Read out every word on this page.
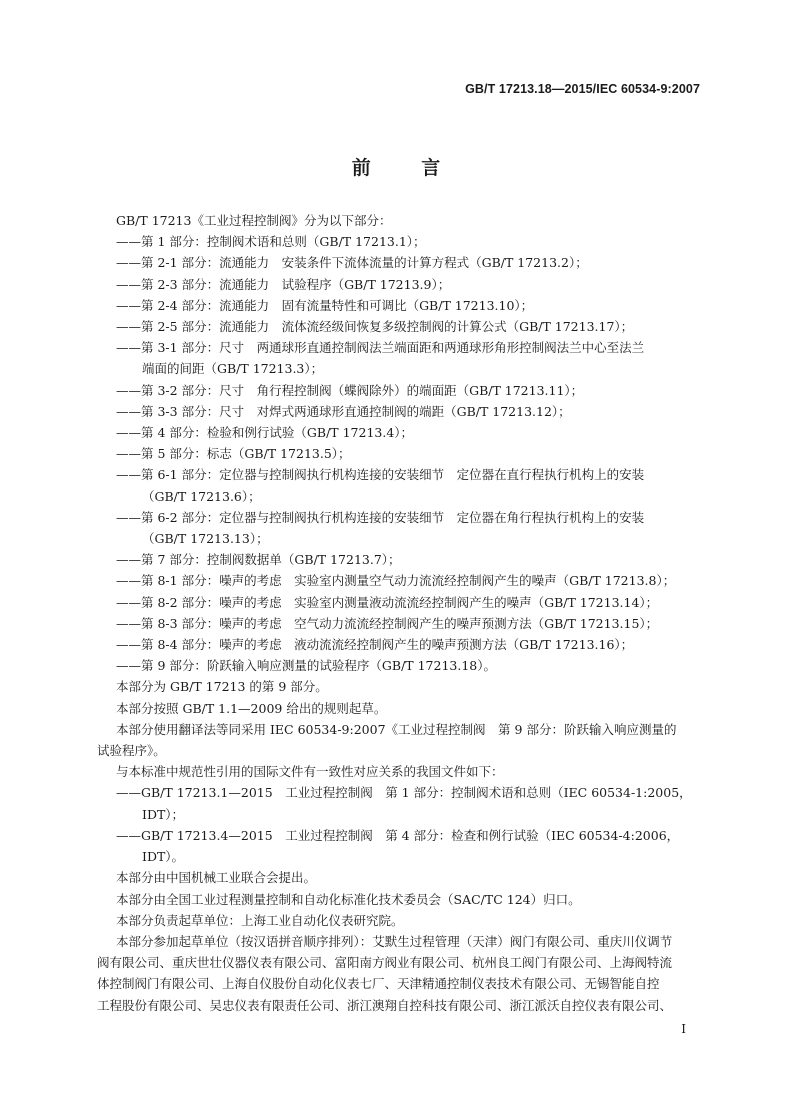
GB/T 17213.18—2015/IEC 60534-9:2007
前 言
GB/T 17213《工业过程控制阀》分为以下部分：
——第 1 部分：控制阀术语和总则（GB/T 17213.1）；
——第 2-1 部分：流通能力　安装条件下流体流量的计算方程式（GB/T 17213.2）；
——第 2-3 部分：流通能力　试验程序（GB/T 17213.9）；
——第 2-4 部分：流通能力　固有流量特性和可调比（GB/T 17213.10）；
——第 2-5 部分：流通能力　流体流经级间恢复多级控制阀的计算公式（GB/T 17213.17）；
——第 3-1 部分：尺寸　两通球形直通控制阀法兰端面距和两通球形角形控制阀法兰中心至法兰
端面的间距（GB/T 17213.3）；
——第 3-2 部分：尺寸　角行程控制阀（蝶阀除外）的端面距（GB/T 17213.11）；
——第 3-3 部分：尺寸　对焊式两通球形直通控制阀的端距（GB/T 17213.12）；
——第 4 部分：检验和例行试验（GB/T 17213.4）；
——第 5 部分：标志（GB/T 17213.5）；
——第 6-1 部分：定位器与控制阀执行机构连接的安装细节　定位器在直行程执行机构上的安装
（GB/T 17213.6）；
——第 6-2 部分：定位器与控制阀执行机构连接的安装细节　定位器在角行程执行机构上的安装
（GB/T 17213.13）；
——第 7 部分：控制阀数据单（GB/T 17213.7）；
——第 8-1 部分：噪声的考虑　实验室内测量空气动力流流经控制阀产生的噪声（GB/T 17213.8）；
——第 8-2 部分：噪声的考虑　实验室内测量液动流流经控制阀产生的噪声（GB/T 17213.14）；
——第 8-3 部分：噪声的考虑　空气动力流流经控制阀产生的噪声预测方法（GB/T 17213.15）；
——第 8-4 部分：噪声的考虑　液动流流经控制阀产生的噪声预测方法（GB/T 17213.16）；
——第 9 部分：阶跃输入响应测量的试验程序（GB/T 17213.18）。
本部分为 GB/T 17213 的第 9 部分。
本部分按照 GB/T 1.1—2009 给出的规则起草。
本部分使用翻译法等同采用 IEC 60534-9:2007《工业过程控制阀　第 9 部分：阶跃输入响应测量的
试验程序》。
与本标准中规范性引用的国际文件有一致性对应关系的我国文件如下：
——GB/T 17213.1—2015　工业过程控制阀　第 1 部分：控制阀术语和总则（IEC 60534-1:2005，
IDT）；
——GB/T 17213.4—2015　工业过程控制阀　第 4 部分：检查和例行试验（IEC 60534-4:2006，
IDT）。
本部分由中国机械工业联合会提出。
本部分由全国工业过程测量控制和自动化标准化技术委员会（SAC/TC 124）归口。
本部分负责起草单位：上海工业自动化仪表研究院。
本部分参加起草单位（按汉语拼音顺序排列）：艾默生过程管理（天津）阀门有限公司、重庆川仪调节
阀有限公司、重庆世壮仪器仪表有限公司、富阳南方阀业有限公司、杭州良工阀门有限公司、上海阀特流
体控制阀门有限公司、上海自仪股份自动化仪表七厂、天津精通控制仪表技术有限公司、无锡智能自控
工程股份有限公司、吴忠仪表有限责任公司、浙江澳翔自控科技有限公司、浙江派沃自控仪表有限公司、
I
